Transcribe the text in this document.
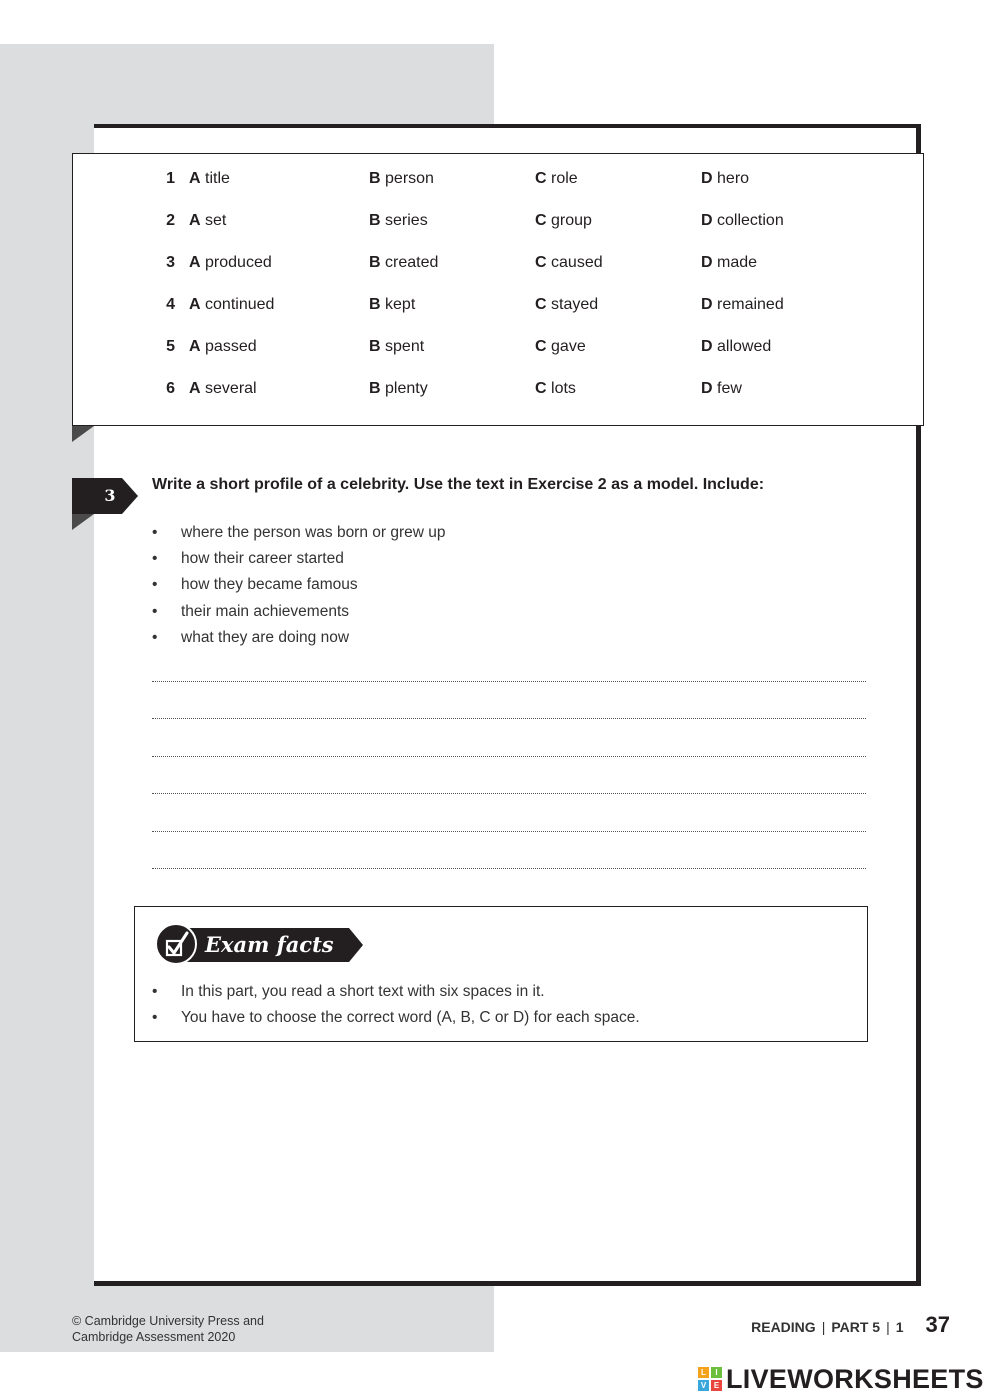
1 A title	B person	C role	D hero
2 A set	B series	C group	D collection
3 A produced	B created	C caused	D made
4 A continued	B kept	C stayed	D remained
5 A passed	B spent	C gave	D allowed
6 A several	B plenty	C lots	D few
3
Write a short profile of a celebrity. Use the text in Exercise 2 as a model. Include:
• where the person was born or grew up
• how their career started
• how they became famous
• their main achievements
• what they are doing now
Exam facts
• In this part, you read a short text with six spaces in it.
• You have to choose the correct word (A, B, C or D) for each space.
© Cambridge University Press and
Cambridge Assessment 2020
READING | PART 5 | 1 37
L	I
V E LIVEWORKSHEETS
